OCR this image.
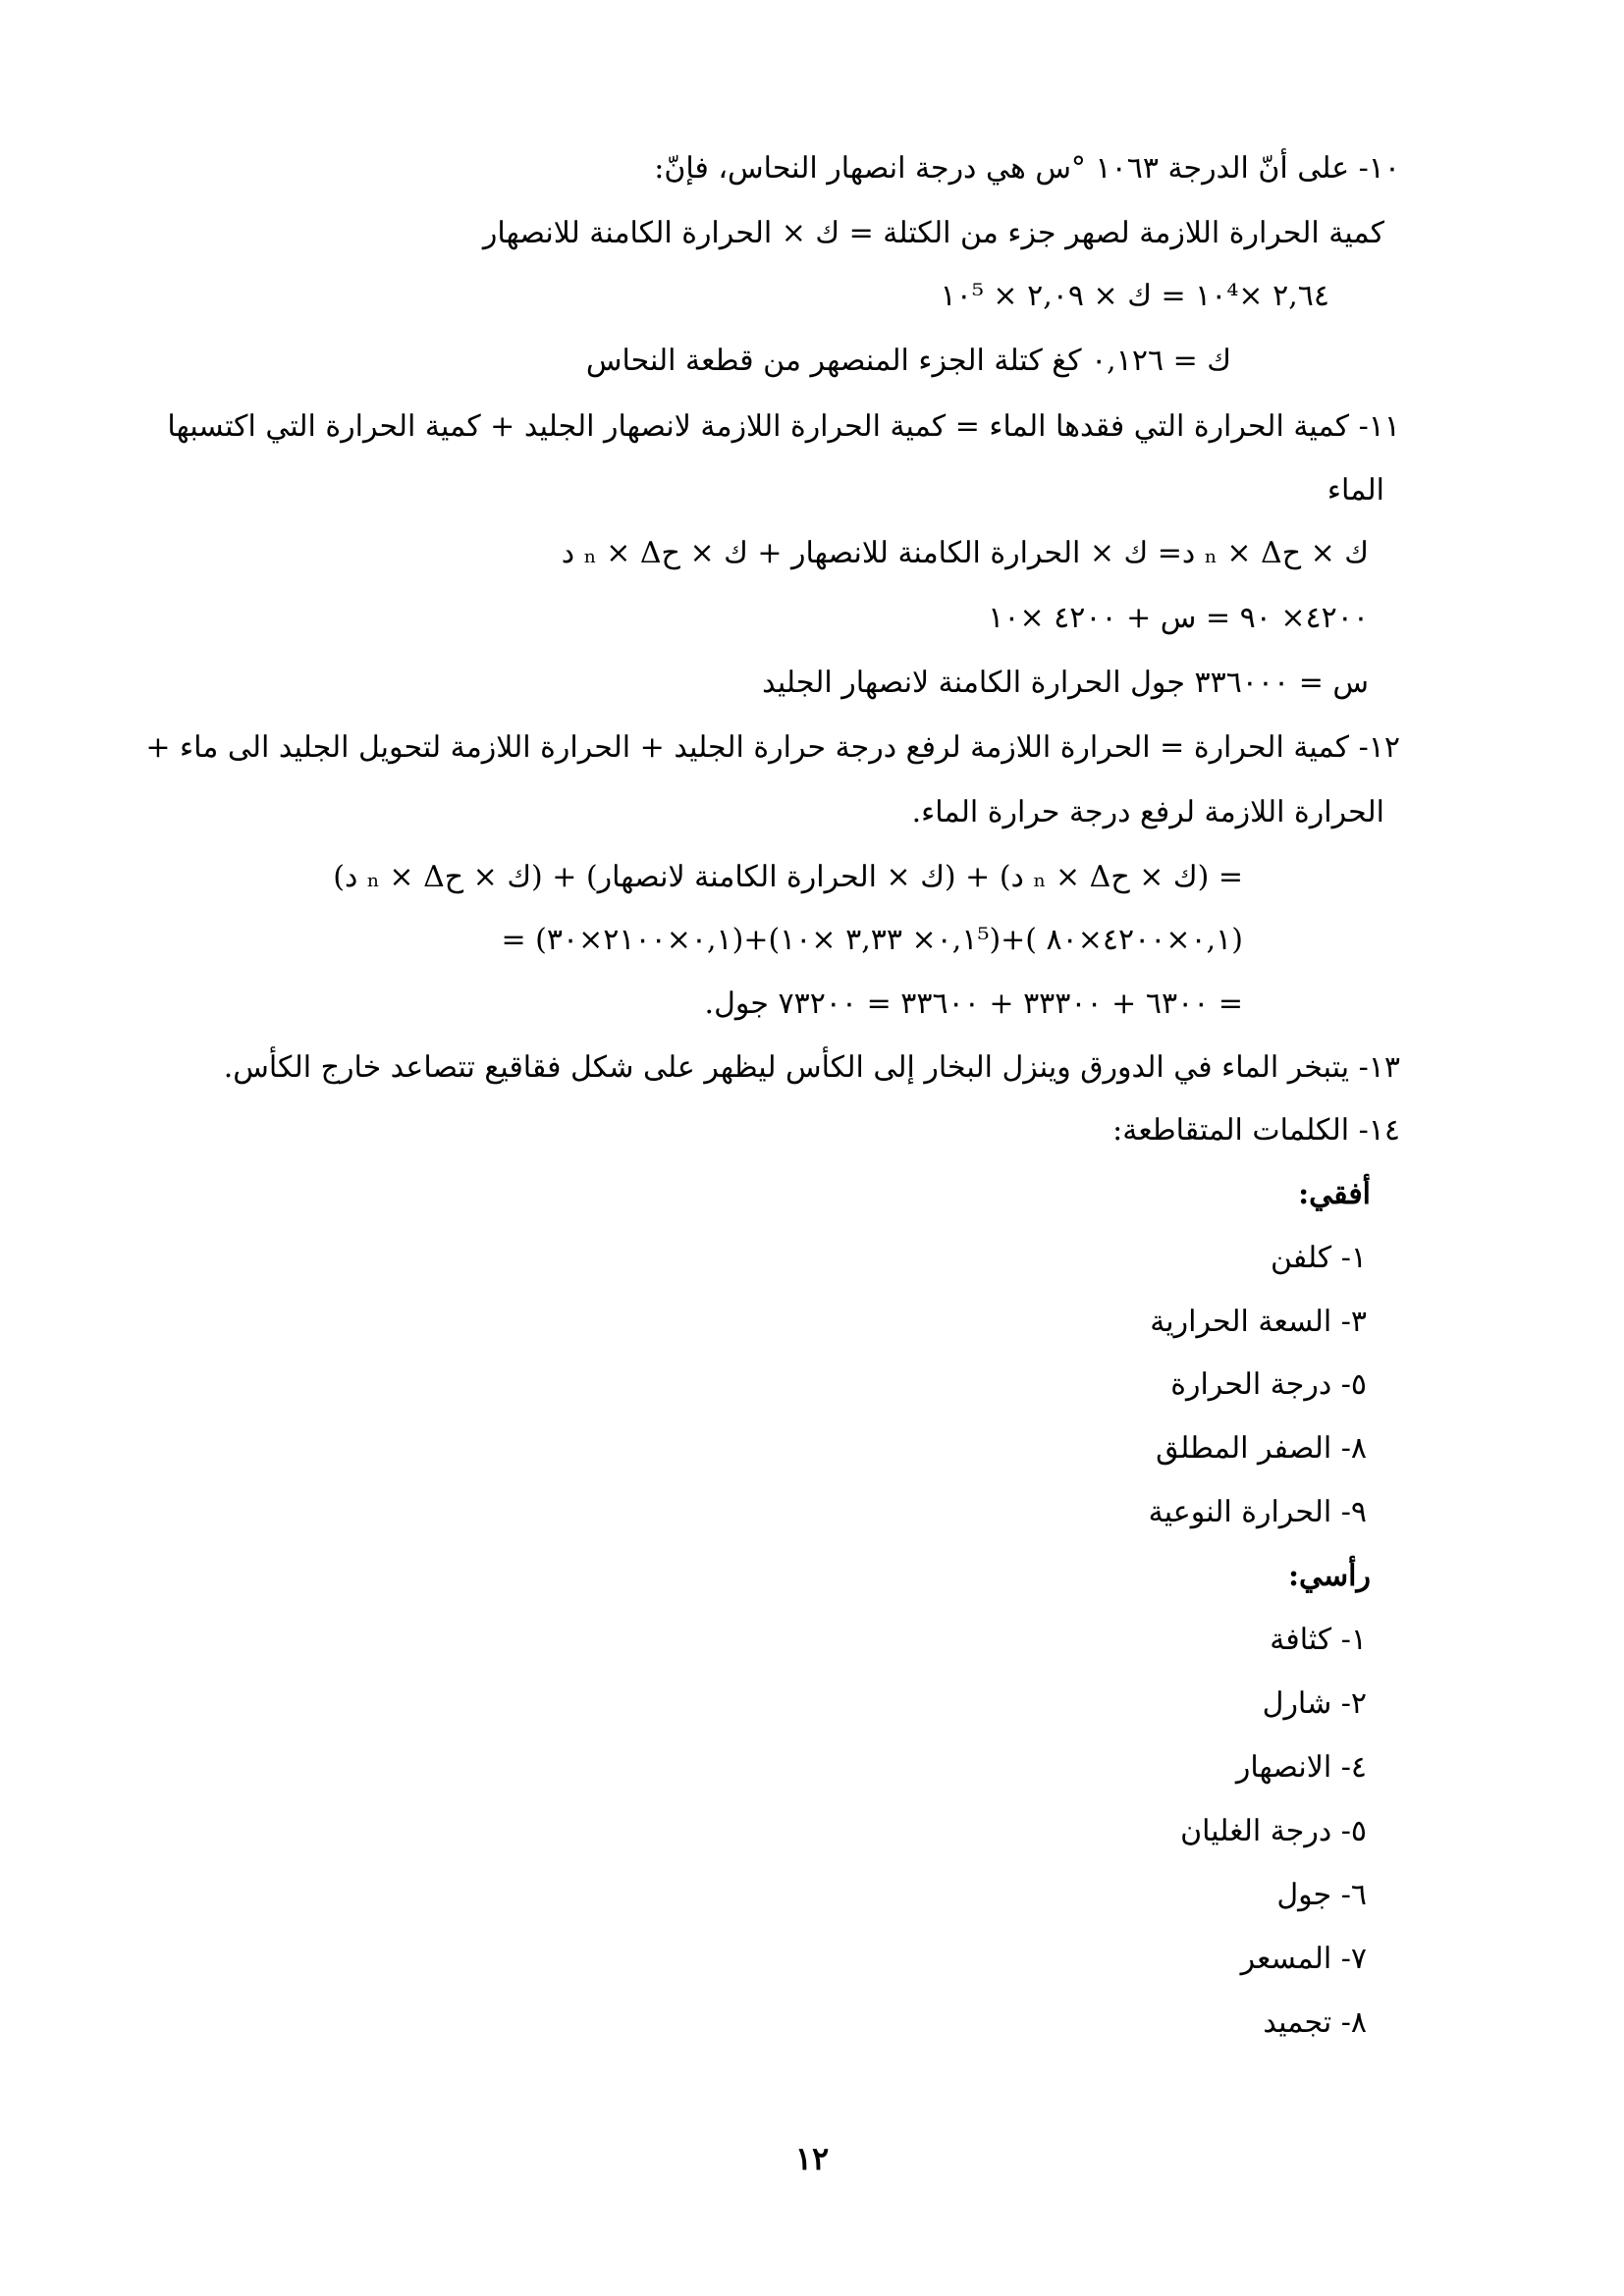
١٠- على أنّ الدرجة ١٠٦٣ °س هي درجة انصهار النحاس، فإنّ:
كمية الحرارة اللازمة لصهر جزء من الكتلة = ك × الحرارة الكامنة للانصهار
٢,٦٤ ×١٠⁴ = ك × ٢,٠٩ × ١٠⁵
ك = ٠,١٢٦ كغ كتلة الجزء المنصهر من قطعة النحاس
١١- كمية الحرارة التي فقدها الماء = كمية الحرارة اللازمة لانصهار الجليد + كمية الحرارة التي اكتسبها
الماء
ك × حₙ × Δ د= ك × الحرارة الكامنة للانصهار + ك × حₙ × Δ د
٤٢٠٠× ٩٠ = س + ٤٢٠٠ ×١٠
س = ٣٣٦٠٠٠ جول الحرارة الكامنة لانصهار الجليد
١٢- كمية الحرارة = الحرارة اللازمة لرفع درجة حرارة الجليد + الحرارة اللازمة لتحويل الجليد الى ماء +
الحرارة اللازمة لرفع درجة حرارة الماء.
= (ك × حₙ × Δ د) + (ك × الحرارة الكامنة لانصهار) + (ك × حₙ × Δ د)
= (٠,١×٢١٠٠×٣٠)+(٠,١× ٣,٣٣ ×١٠⁵)+( ٠,١×٤٢٠٠×٨٠)
= ٦٣٠٠ + ٣٣٣٠٠ + ٣٣٦٠٠ = ٧٣٢٠٠ جول.
١٣- يتبخر الماء في الدورق وينزل البخار إلى الكأس ليظهر على شكل فقاقيع تتصاعد خارج الكأس.
١٤- الكلمات المتقاطعة:
أفقي:
١- كلفن
٣- السعة الحرارية
٥- درجة الحرارة
٨- الصفر المطلق
٩- الحرارة النوعية
رأسي:
١- كثافة
٢- شارل
٤- الانصهار
٥- درجة الغليان
٦- جول
٧- المسعر
٨- تجميد
١٢
